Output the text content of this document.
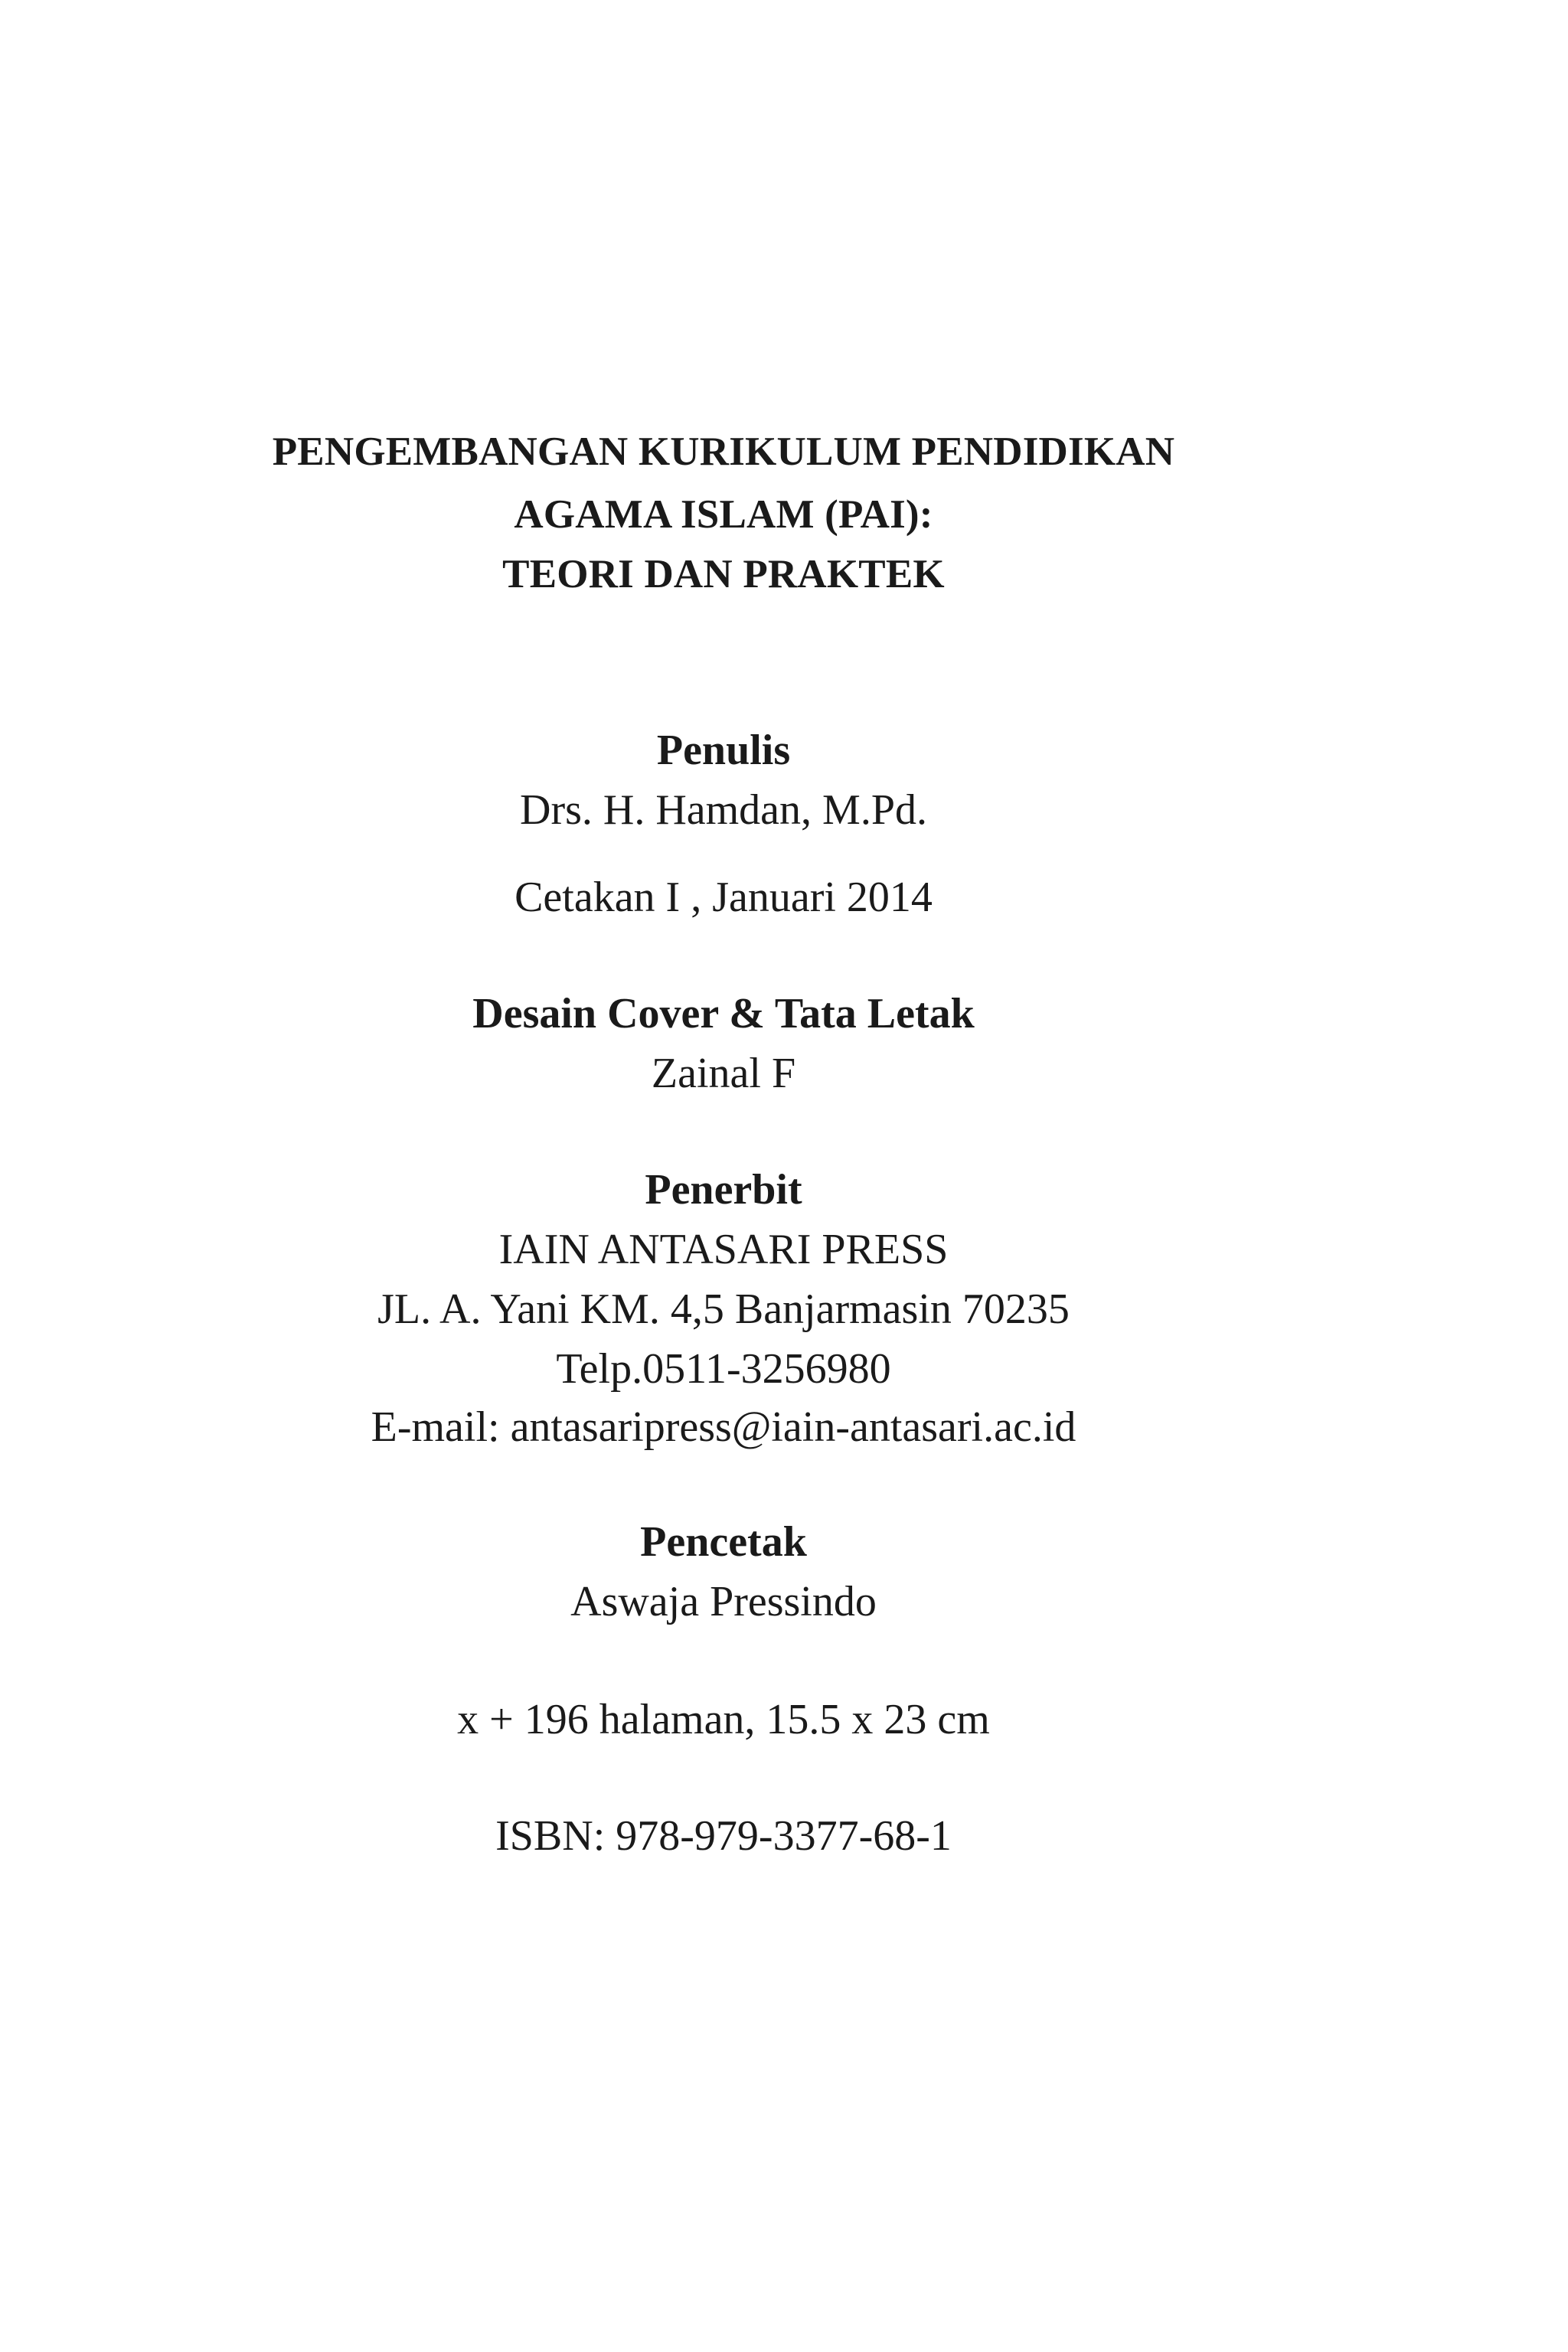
PENGEMBANGAN KURIKULUM PENDIDIKAN
AGAMA ISLAM (PAI):
TEORI DAN PRAKTEK
Penulis
Drs. H. Hamdan, M.Pd.
Cetakan I , Januari 2014
Desain Cover & Tata Letak
Zainal F
Penerbit
IAIN ANTASARI PRESS
JL. A. Yani KM. 4,5 Banjarmasin 70235
Telp.0511-3256980
E-mail: antasaripress@iain-antasari.ac.id
Pencetak
Aswaja Pressindo
x + 196 halaman, 15.5 x 23 cm
ISBN: 978-979-3377-68-1
